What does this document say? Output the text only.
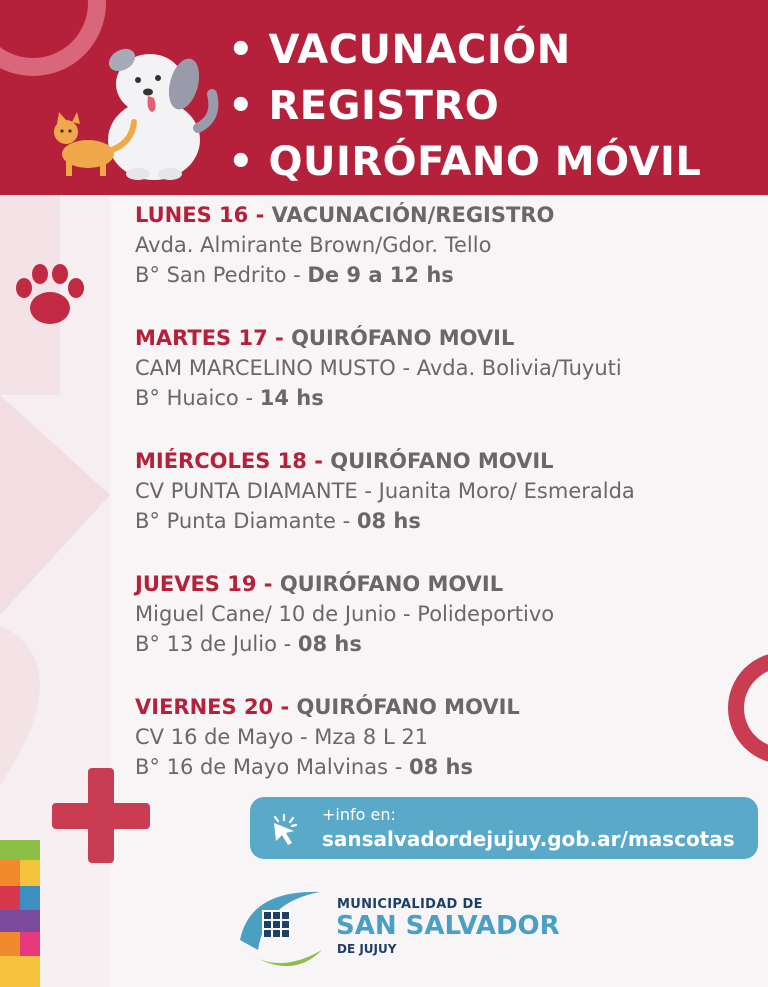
• VACUNACIÓN
• REGISTRO
• QUIRÓFANO MÓVIL
LUNES 16 - VACUNACIÓN/REGISTRO
Avda. Almirante Brown/Gdor. Tello
B° San Pedrito - De 9 a 12 hs
MARTES 17 - QUIRÓFANO MOVIL
CAM MARCELINO MUSTO - Avda. Bolivia/Tuyuti
B° Huaico - 14 hs
MIÉRCOLES 18 - QUIRÓFANO MOVIL
CV PUNTA DIAMANTE - Juanita Moro/ Esmeralda
B° Punta Diamante - 08 hs
JUEVES 19 - QUIRÓFANO MOVIL
Miguel Cane/ 10 de Junio - Polideportivo
B° 13 de Julio - 08 hs
VIERNES 20 - QUIRÓFANO MOVIL
CV 16 de Mayo - Mza 8 L 21
B° 16 de Mayo Malvinas - 08 hs
+info en:
sansalvadordejujuy.gob.ar/mascotas
MUNICIPALIDAD DE
SAN SALVADOR
DE JUJUY
